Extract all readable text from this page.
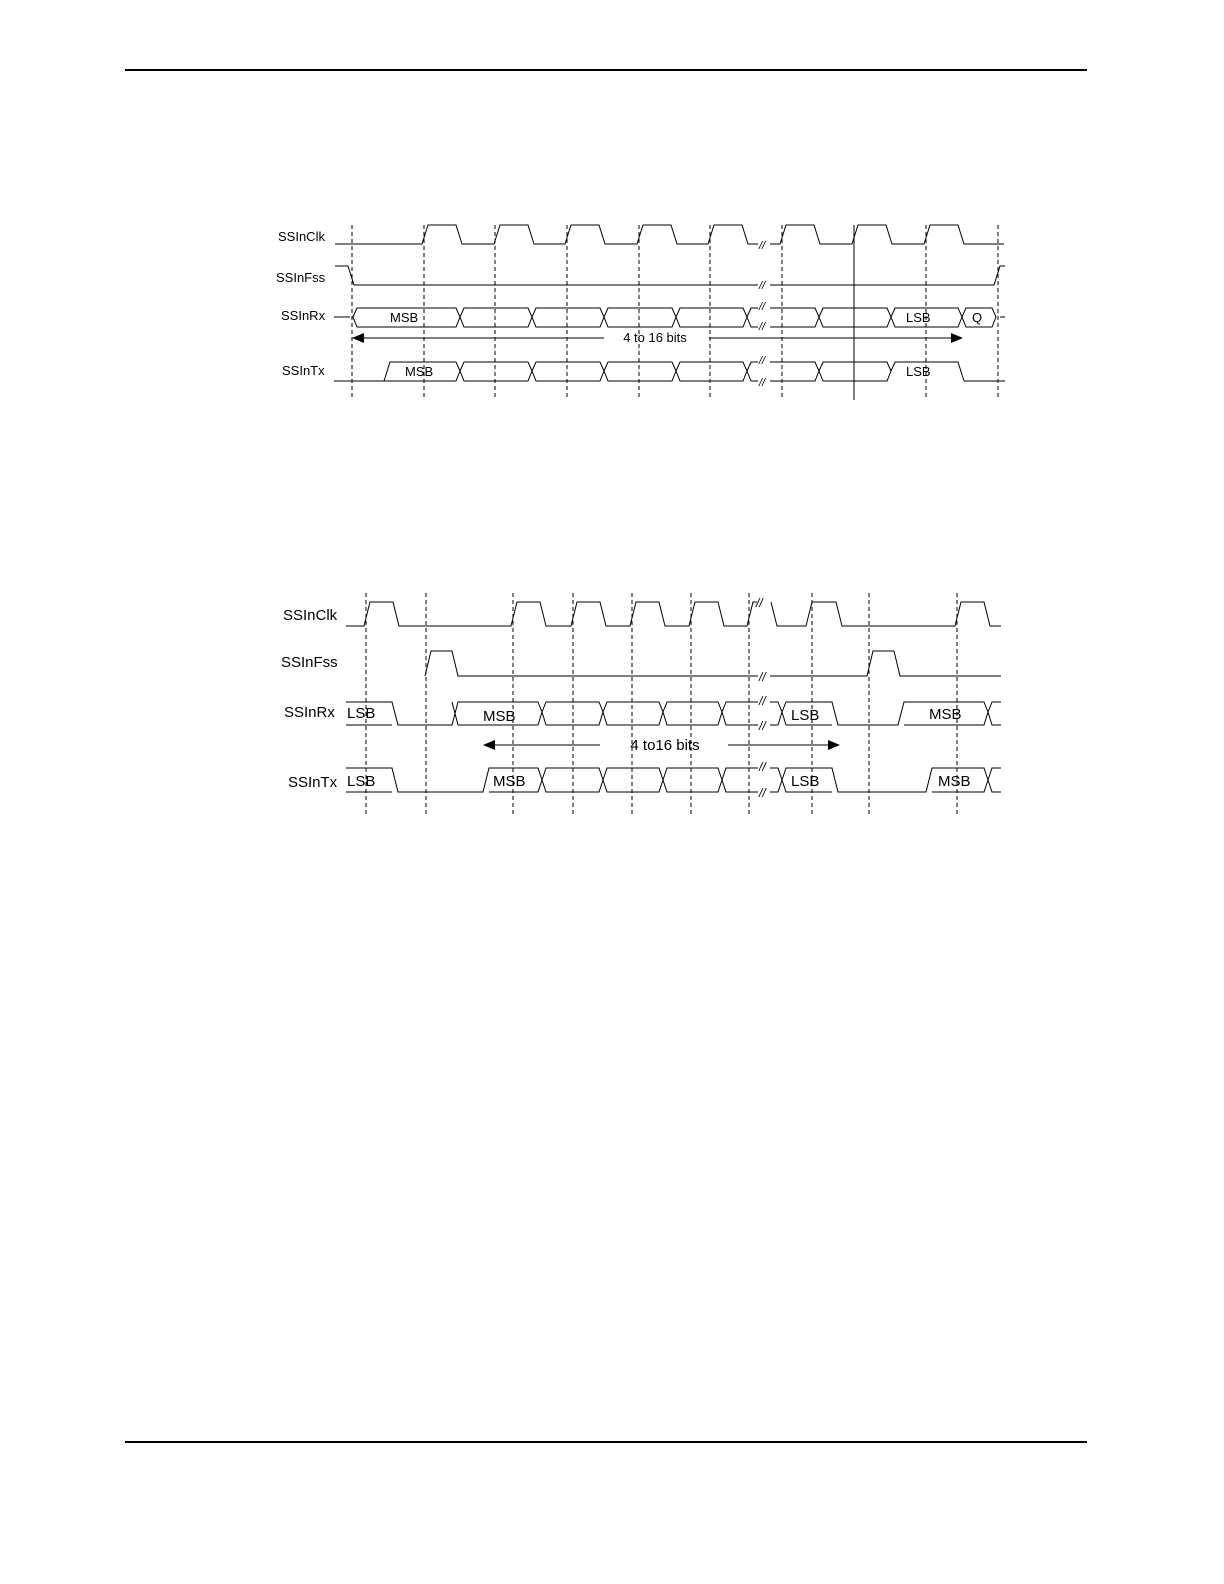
SSInClk
SSInFss
SSInRx
SSInTx
//
//
//
//
//
//
MSB	LSB	Q
MSB	LSB
4 to 16 bits
SSInClk
SSInFss
SSInRx
SSInTx
//
//
//
//
//
//
LSB	MSB	LSB	MSB
LSB	MSB	LSB	MSB
4 to16 bits
